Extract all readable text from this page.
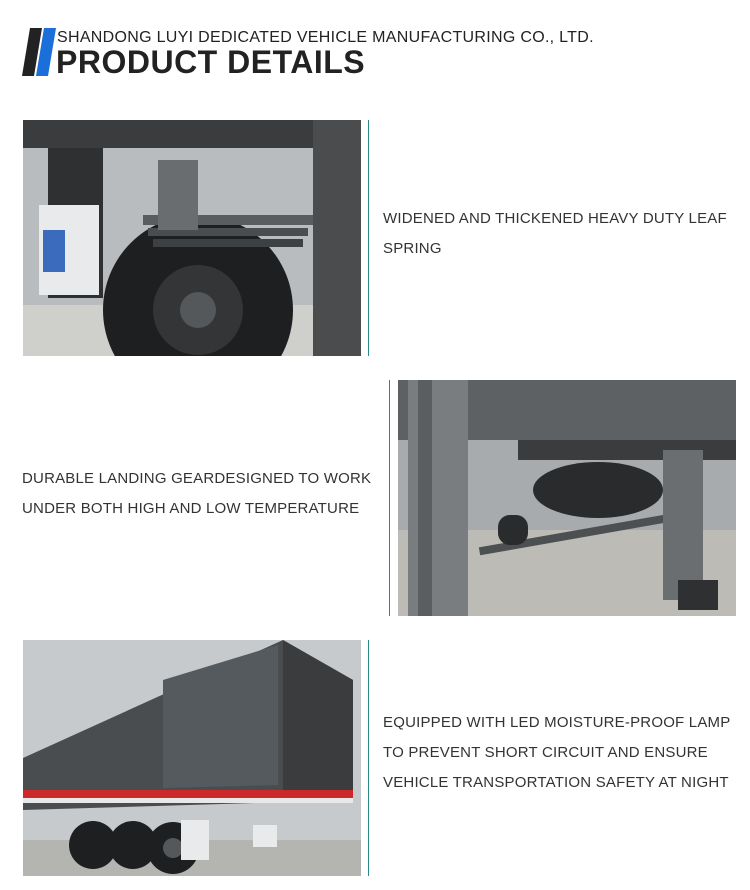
SHANDONG LUYI DEDICATED VEHICLE MANUFACTURING CO., LTD.
PRODUCT DETAILS
WIDENED AND THICKENED HEAVY DUTY LEAF SPRING
DURABLE LANDING GEARDESIGNED TO WORK UNDER BOTH HIGH AND LOW TEMPERATURE
EQUIPPED WITH LED MOISTURE-PROOF LAMP TO PREVENT SHORT CIRCUIT AND ENSURE VEHICLE TRANSPORTATION SAFETY AT NIGHT
